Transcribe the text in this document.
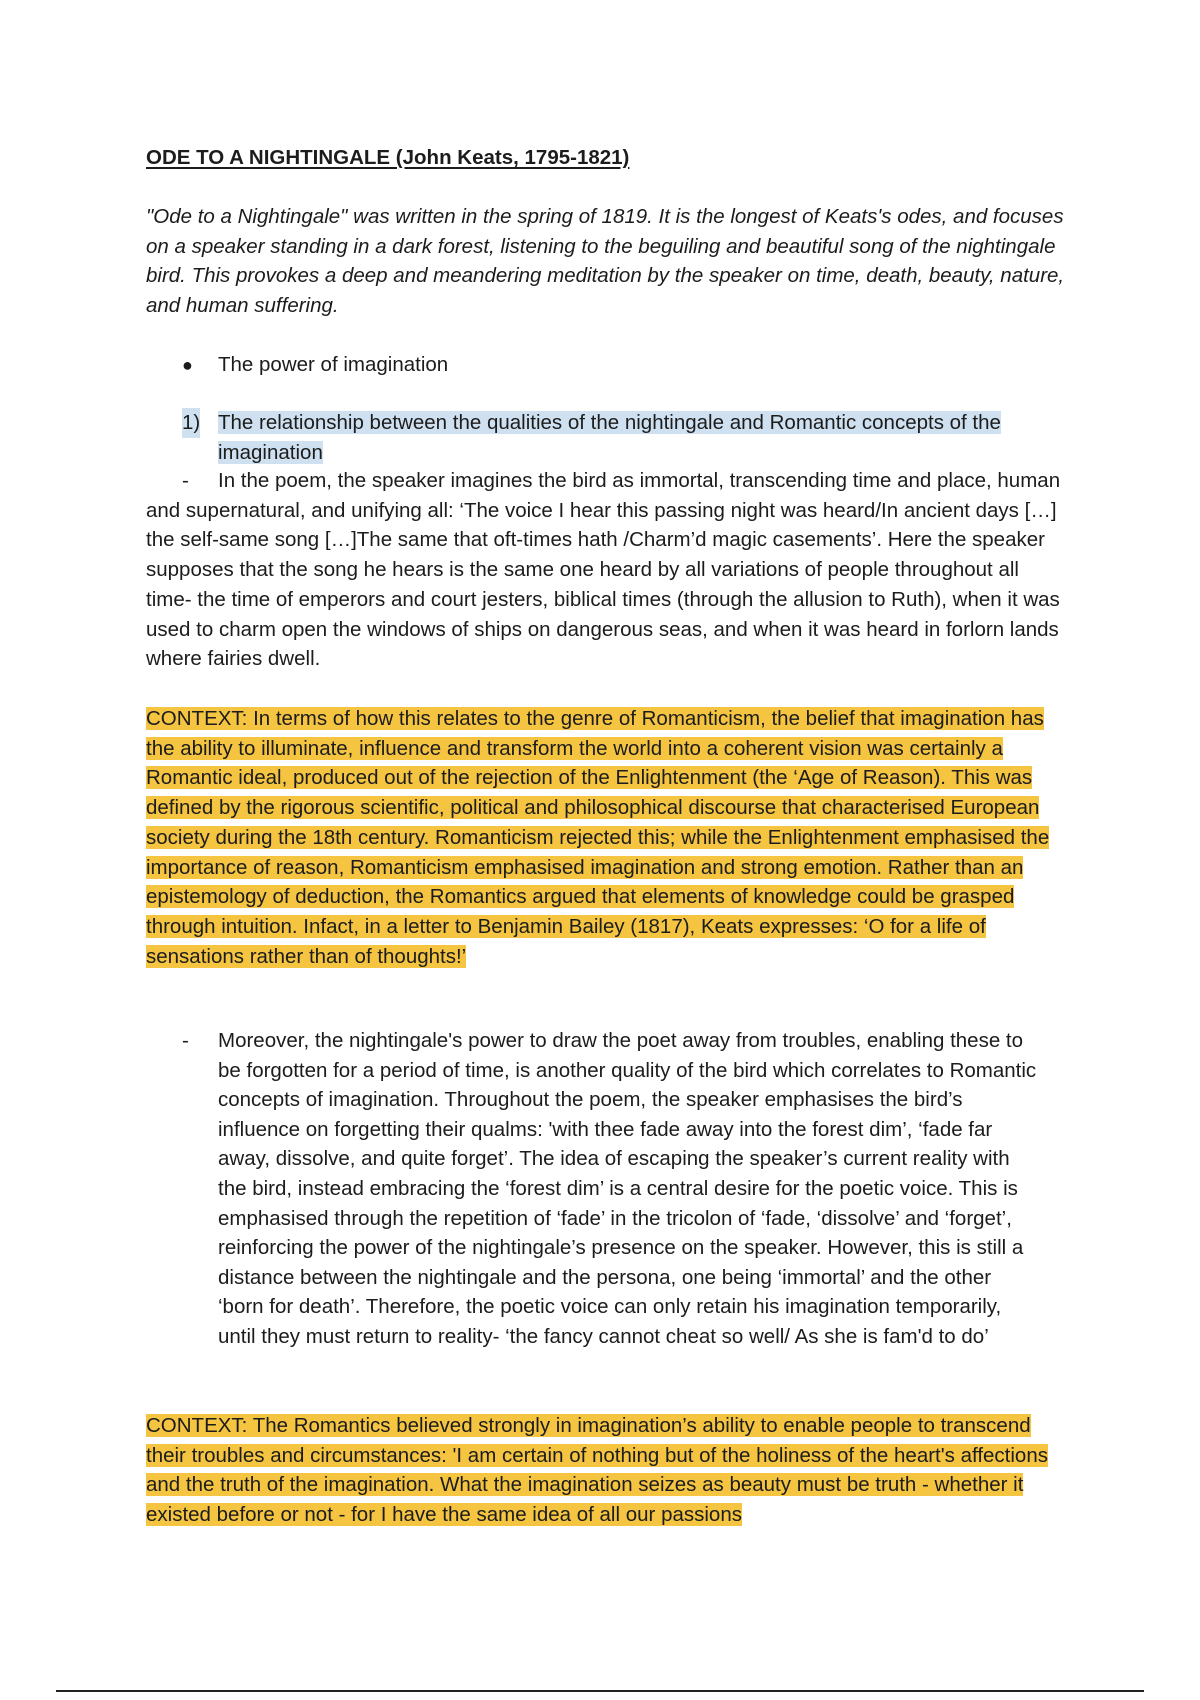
ODE TO A NIGHTINGALE (John Keats, 1795-1821)

"Ode to a Nightingale" was written in the spring of 1819. It is the longest of Keats's odes, and focuses on a speaker standing in a dark forest, listening to the beguiling and beautiful song of the nightingale bird. This provokes a deep and meandering meditation by the speaker on time, death, beauty, nature, and human suffering.

● The power of imagination
1) The relationship between the qualities of the nightingale and Romantic concepts of the imagination

- In the poem, the speaker imagines the bird as immortal, transcending time and place, human and supernatural, and unifying all: ‘The voice I hear this passing night was heard/In ancient days […] the self-same song […]The same that oft-times hath /Charm’d magic casements’. Here the speaker supposes that the song he hears is the same one heard by all variations of people throughout all time- the time of emperors and court jesters, biblical times (through the allusion to Ruth), when it was used to charm open the windows of ships on dangerous seas, and when it was heard in forlorn lands where fairies dwell.

CONTEXT: In terms of how this relates to the genre of Romanticism, the belief that imagination has the ability to illuminate, influence and transform the world into a coherent vision was certainly a Romantic ideal, produced out of the rejection of the Enlightenment (the ‘Age of Reason). This was defined by the rigorous scientific, political and philosophical discourse that characterised European society during the 18th century. Romanticism rejected this; while the Enlightenment emphasised the importance of reason, Romanticism emphasised imagination and strong emotion. Rather than an epistemology of deduction, the Romantics argued that elements of knowledge could be grasped through intuition. Infact, in a letter to Benjamin Bailey (1817), Keats expresses: ‘O for a life of sensations rather than of thoughts!’

- Moreover, the nightingale's power to draw the poet away from troubles, enabling these to be forgotten for a period of time, is another quality of the bird which correlates to Romantic concepts of imagination. Throughout the poem, the speaker emphasises the bird’s influence on forgetting their qualms: 'with thee fade away into the forest dim’, ‘fade far away, dissolve, and quite forget’. The idea of escaping the speaker’s current reality with the bird, instead embracing the ‘forest dim’ is a central desire for the poetic voice. This is emphasised through the repetition of ‘fade’ in the tricolon of ‘fade, ‘dissolve’ and ‘forget’, reinforcing the power of the nightingale’s presence on the speaker. However, this is still a distance between the nightingale and the persona, one being ‘immortal’ and the other ‘born for death’. Therefore, the poetic voice can only retain his imagination temporarily, until they must return to reality- ‘the fancy cannot cheat so well/ As she is fam'd to do’

CONTEXT: The Romantics believed strongly in imagination’s ability to enable people to transcend their troubles and circumstances: 'I am certain of nothing but of the holiness of the heart's affections and the truth of the imagination. What the imagination seizes as beauty must be truth - whether it existed before or not - for I have the same idea of all our passions
